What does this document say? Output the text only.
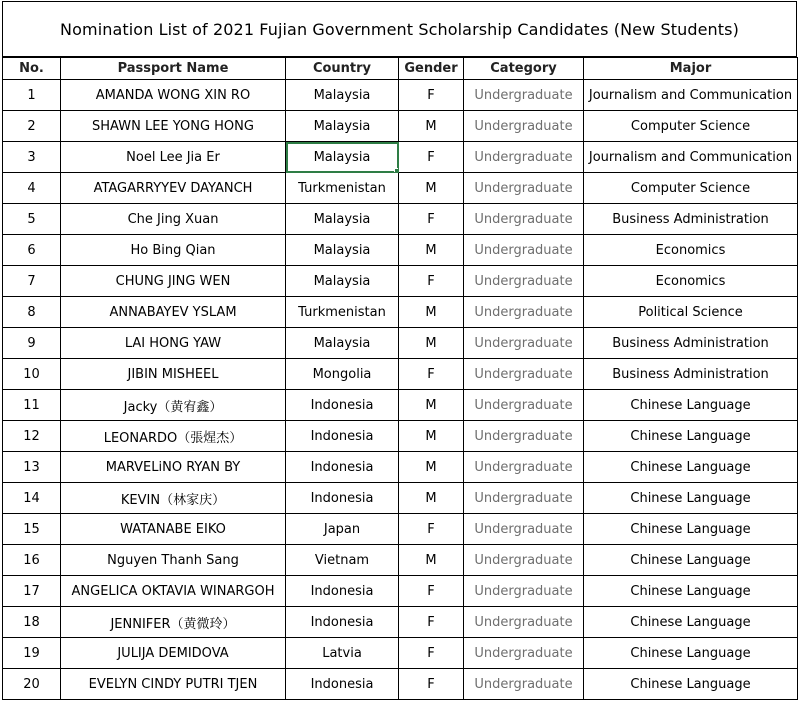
Nomination List of 2021 Fujian Government Scholarship Candidates (New Students)
No.	Passport Name	Country	Gender	Category	Major
1	AMANDA WONG XIN RO	Malaysia	F	Undergraduate	Journalism and Communication
2	SHAWN LEE YONG HONG	Malaysia	M	Undergraduate	Computer Science
3	Noel Lee Jia Er	Malaysia	F	Undergraduate	Journalism and Communication
4	ATAGARRYYEV DAYANCH	Turkmenistan	M	Undergraduate	Computer Science
5	Che Jing Xuan	Malaysia	F	Undergraduate	Business Administration
6	Ho Bing Qian	Malaysia	M	Undergraduate	Economics
7	CHUNG JING WEN	Malaysia	F	Undergraduate	Economics
8	ANNABAYEV YSLAM	Turkmenistan	M	Undergraduate	Political Science
9	LAI HONG YAW	Malaysia	M	Undergraduate	Business Administration
10	JIBIN MISHEEL	Mongolia	F	Undergraduate	Business Administration
11	Jacky（黄宥鑫）	Indonesia	M	Undergraduate	Chinese Language
12	LEONARDO（張煋杰）	Indonesia	M	Undergraduate	Chinese Language
13	MARVELiNO RYAN BY	Indonesia	M	Undergraduate	Chinese Language
14	KEVIN（林家庆）	Indonesia	M	Undergraduate	Chinese Language
15	WATANABE EIKO	Japan	F	Undergraduate	Chinese Language
16	Nguyen Thanh Sang	Vietnam	M	Undergraduate	Chinese Language
17	ANGELICA OKTAVIA WINARGOH	Indonesia	F	Undergraduate	Chinese Language
18	JENNIFER（黄微玲）	Indonesia	F	Undergraduate	Chinese Language
19	JULIJA DEMIDOVA	Latvia	F	Undergraduate	Chinese Language
20	EVELYN CINDY PUTRI TJEN	Indonesia	F	Undergraduate	Chinese Language
